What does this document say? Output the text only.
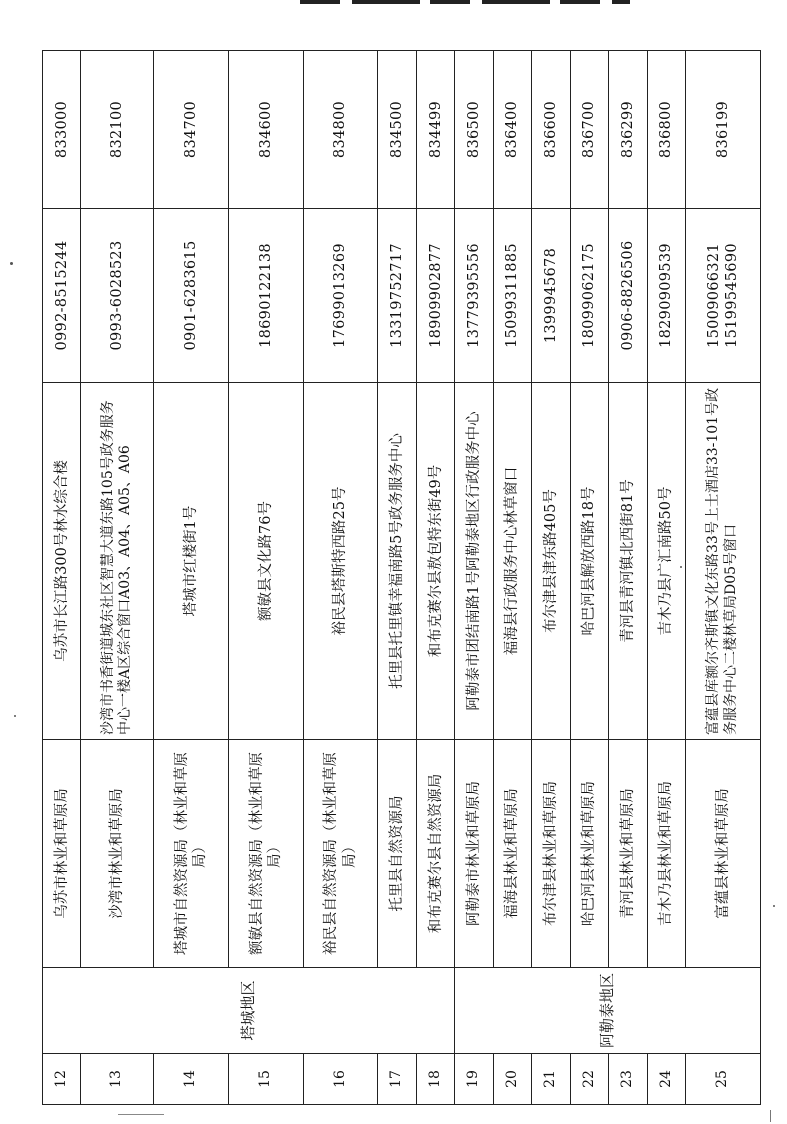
12	塔城地区	乌苏市林业和草原局	乌苏市长江路300号林水综合楼	0992-8515244	833000
13		沙湾市林业和草原局	沙湾市书香街道城东社区智慧大道东路105号政务服务中心一楼A区综合窗口A03、A04、A05、A06	0993-6028523	832100
14		塔城市自然资源局（林业和草原局）	塔城市红楼街1号	0901-6283615	834700
15		额敏县自然资源局（林业和草原局）	额敏县文化路76号	18690122138	834600
16		裕民县自然资源局（林业和草原局）	裕民县塔斯特西路25号	17699013269	834800
17		托里县自然资源局	托里县托里镇幸福南路5号政务服务中心	13319752717	834500
18		和布克赛尔县自然资源局	和布克赛尔县敖包特东街49号	18909902877	834499
19	阿勒泰地区	阿勒泰市林业和草原局	阿勒泰市团结南路1号阿勒泰地区行政服务中心	13779395556	836500
20		福海县林业和草原局	福海县行政服务中心林草窗口	15099311885	836400
21		布尔津县林业和草原局	布尔津县津东路405号	1399945678	836600
22		哈巴河县林业和草原局	哈巴河县解放西路18号	18099062175	836700
23		青河县林业和草原局	青河县青河镇北西街81号	0906-8826506	836299
24		吉木乃县林业和草原局	吉木乃县广汇南路50号	18290909539	836800
25		富蕴县林业和草原局	富蕴县库额尔齐斯镇文化东路33号上士酒店33-101号政务服务中心二楼林草局D05号窗口	15009066321 15199545690	836199
